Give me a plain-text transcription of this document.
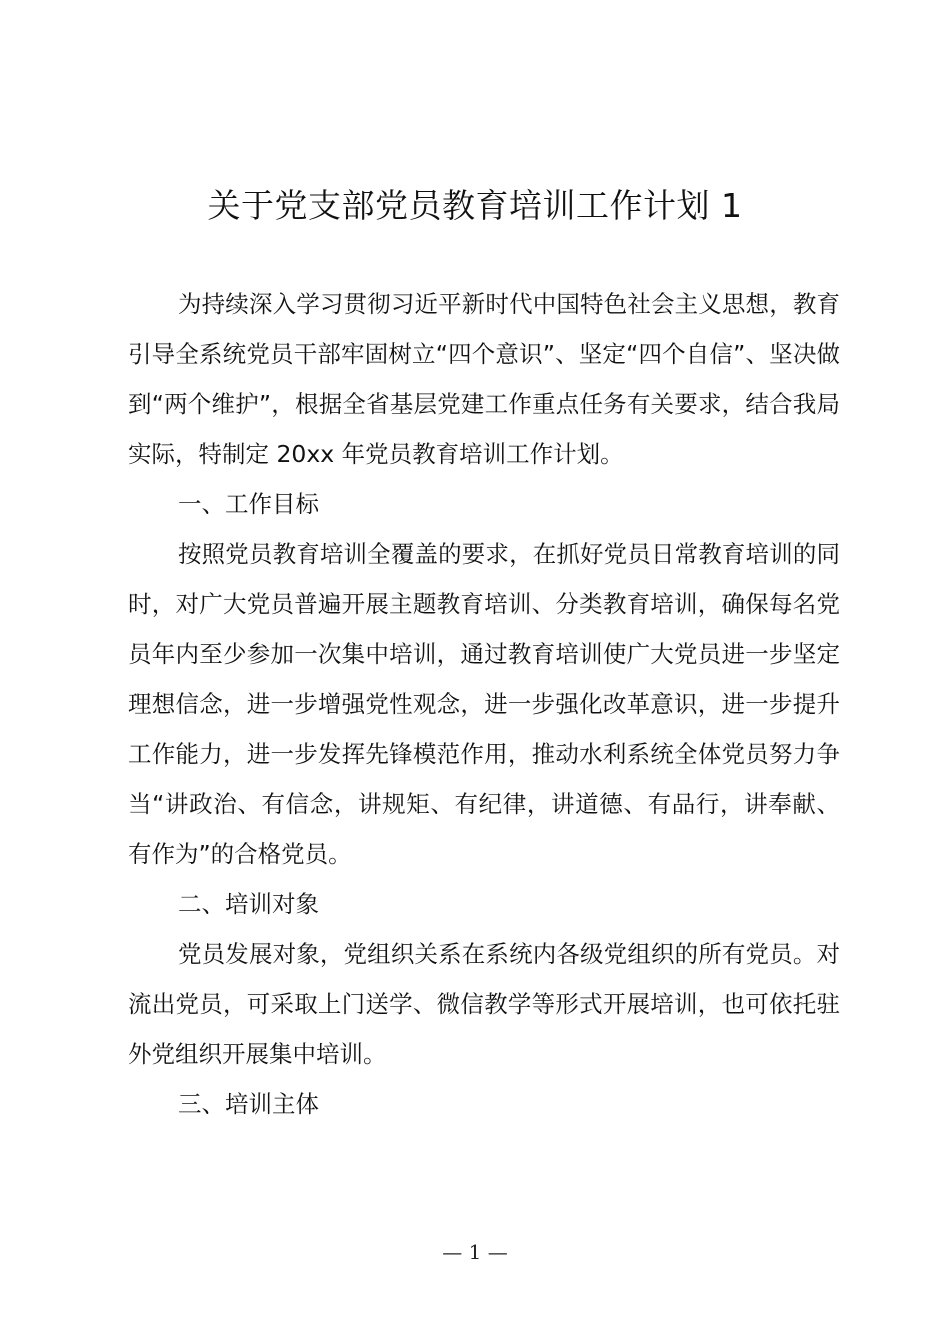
关于党支部党员教育培训工作计划 1

为持续深入学习贯彻习近平新时代中国特色社会主义思想，教育引导全系统党员干部牢固树立“四个意识”、坚定“四个自信”、坚决做到“两个维护”，根据全省基层党建工作重点任务有关要求，结合我局实际，特制定 20xx 年党员教育培训工作计划。

一、工作目标

按照党员教育培训全覆盖的要求，在抓好党员日常教育培训的同时，对广大党员普遍开展主题教育培训、分类教育培训，确保每名党员年内至少参加一次集中培训，通过教育培训使广大党员进一步坚定理想信念，进一步增强党性观念，进一步强化改革意识，进一步提升工作能力，进一步发挥先锋模范作用，推动水利系统全体党员努力争当“讲政治、有信念，讲规矩、有纪律，讲道德、有品行，讲奉献、有作为”的合格党员。

二、培训对象

党员发展对象，党组织关系在系统内各级党组织的所有党员。对流出党员，可采取上门送学、微信教学等形式开展培训，也可依托驻外党组织开展集中培训。

三、培训主体

— 1 —
